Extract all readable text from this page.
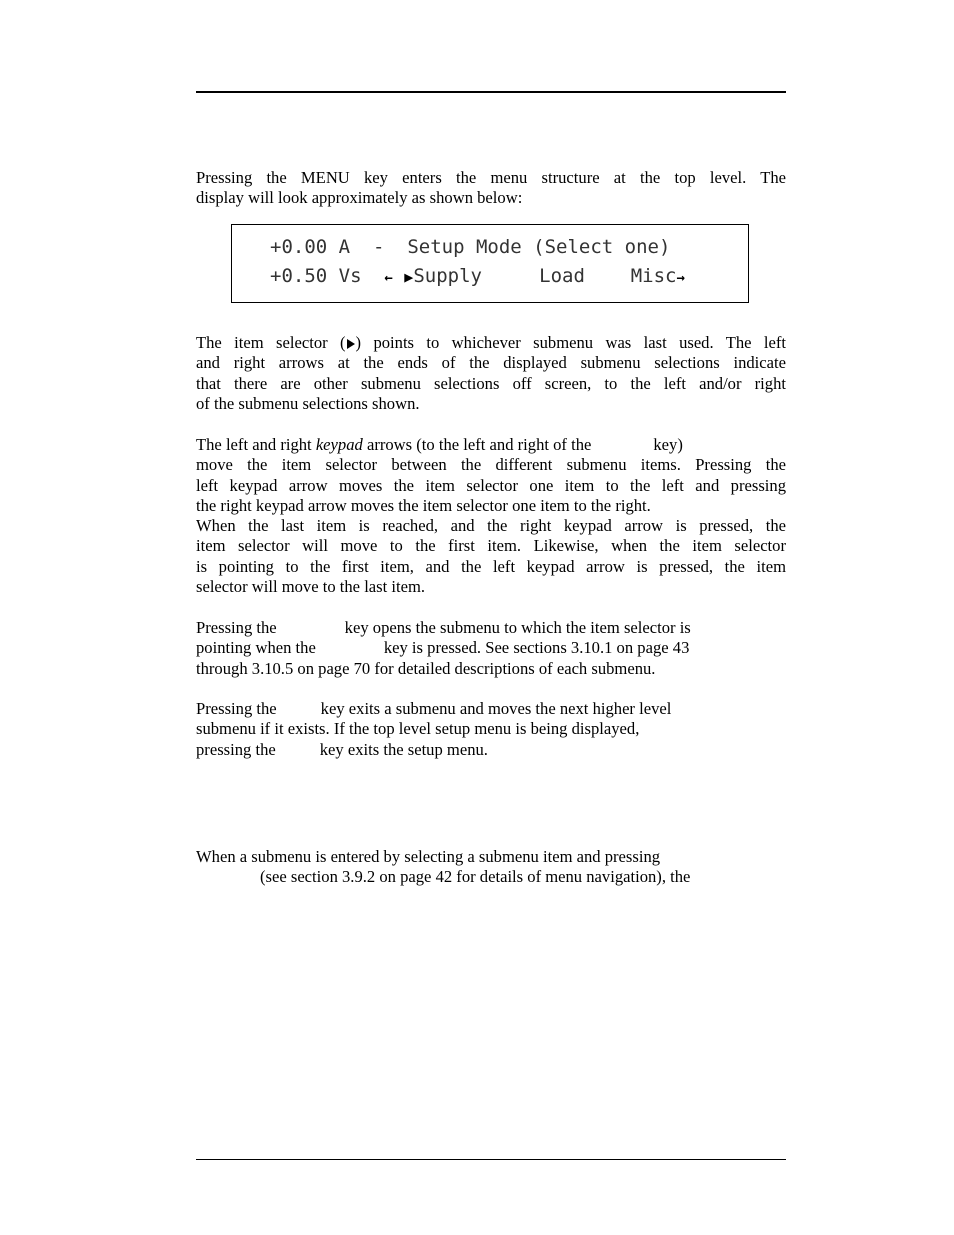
Pressing the MENU key enters the menu structure at the top level. The
display will look approximately as shown below:
+0.00 A - Setup Mode (Select one)
+0.50 Vs ← ▶Supply	Load Misc→
The item selector ( ) points to whichever submenu was last used. The left
and right arrows at the ends of the displayed submenu selections indicate
that there are other submenu selections off screen, to the left and/or right
of the submenu selections shown.
The left and right keypad arrows (to the left and right of the	key)
move the item selector between the different submenu items. Pressing the
left keypad arrow moves the item selector one item to the left and pressing
the right keypad arrow moves the item selector one item to the right.
When the last item is reached, and the right keypad arrow is pressed, the
item selector will move to the first item. Likewise, when the item selector
is pointing to the first item, and the left keypad arrow is pressed, the item
selector will move to the last item.
Pressing the	key opens the submenu to which the item selector is
pointing when the	key is pressed. See sections 3.10.1 on page 43
through 3.10.5 on page 70 for detailed descriptions of each submenu.
Pressing the	key exits a submenu and moves the next higher level
submenu if it exists. If the top level setup menu is being displayed,
pressing the	key exits the setup menu.
When a submenu is entered by selecting a submenu item and pressing
(see section 3.9.2 on page 42 for details of menu navigation), the
